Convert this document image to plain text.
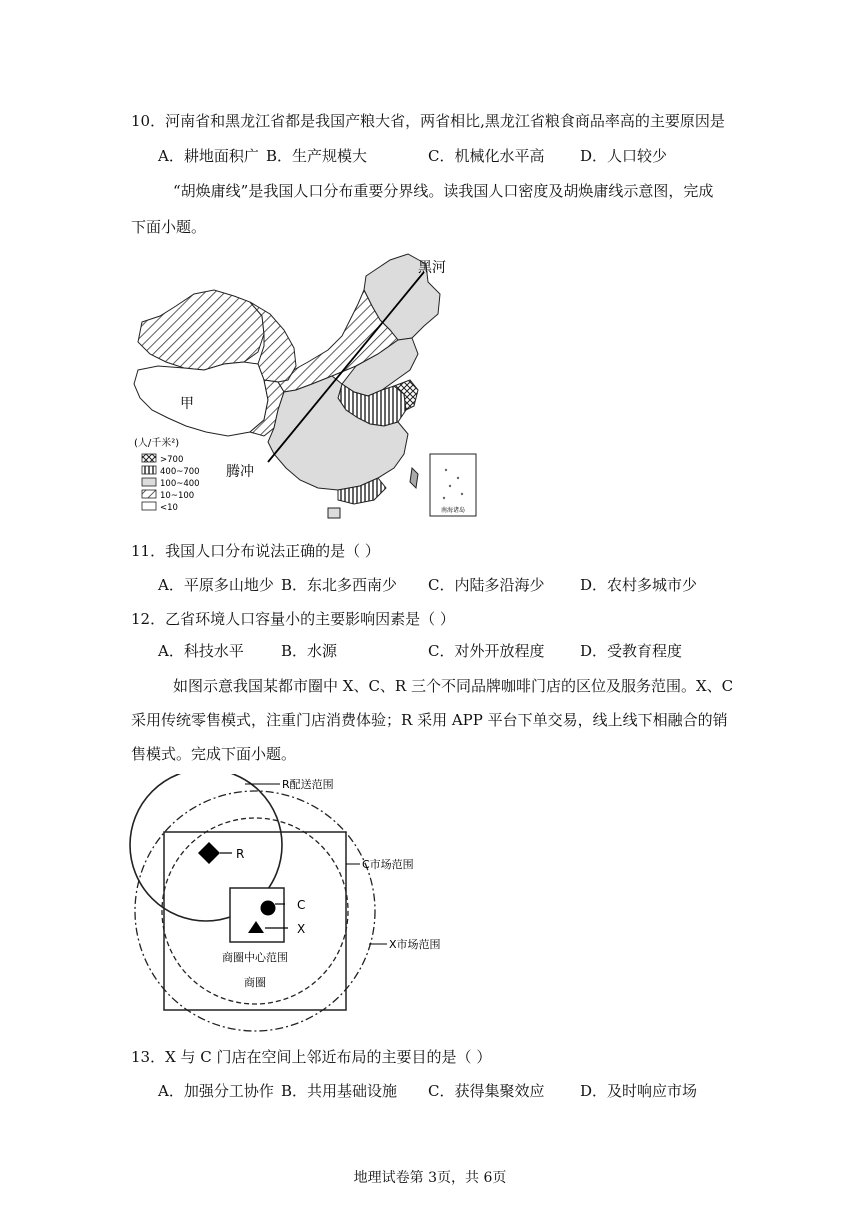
10．河南省和黑龙江省都是我国产粮大省，两省相比,黑龙江省粮食商品率高的主要原因是
A．耕地面积广 B．生产规模大	C．机械化水平高 D．人口较少
“胡焕庸线”是我国人口分布重要分界线。读我国人口密度及胡焕庸线示意图，完成
下面小题。
南海诸岛
黑河
甲
腾冲
(人/千米²)
>700
400~700
100~400
10~100
<10
11．我国人口分布说法正确的是（ ）
A．平原多山地少 B．东北多西南少 C．内陆多沿海少 D．农村多城市少
12．乙省环境人口容量小的主要影响因素是（ ）
A．科技水平 B．水源	C．对外开放程度 D．受教育程度
如图示意我国某都市圈中 X、C、R 三个不同品牌咖啡门店的区位及服务范围。X、C
采用传统零售模式，注重门店消费体验；R 采用 APP 平台下单交易，线上线下相融合的销
售模式。完成下面小题。
R
C
X
R配送范围
C市场范围
X市场范围
商圈中心范围
商圈
13．X 与 C 门店在空间上邻近布局的主要目的是（ ）
A．加强分工协作 B．共用基础设施 C．获得集聚效应 D．及时响应市场
地理试卷第 3页，共 6页
